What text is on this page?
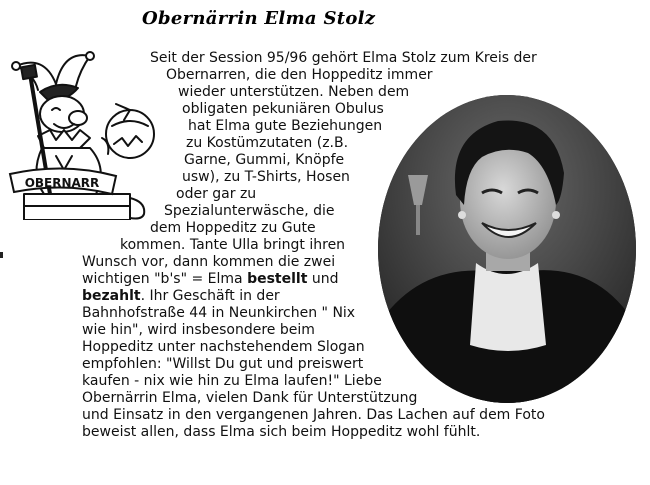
Obernärrin Elma Stolz
OBERNARR
Seit der Session 95/96 gehört Elma Stolz zum Kreis der
Obernarren, die den Hoppeditz immer
wieder unterstützen. Neben dem
obligaten pekuniären Obulus
hat Elma gute Beziehungen
zu Kostümzutaten (z.B.
Garne, Gummi, Knöpfe
usw), zu T-Shirts, Hosen
oder gar zu
Spezialunterwäsche, die
dem Hoppeditz zu Gute
kommen. Tante Ulla bringt ihren
Wunsch vor, dann kommen die zwei
wichtigen "b's" = Elma bestellt und
bezahlt. Ihr Geschäft in der
Bahnhofstraße 44 in Neunkirchen " Nix
wie hin", wird insbesondere beim
Hoppeditz unter nachstehendem Slogan
empfohlen: "Willst Du gut und preiswert
kaufen - nix wie hin zu Elma laufen!" Liebe
Obernärrin Elma, vielen Dank für Unterstützung
und Einsatz in den vergangenen Jahren. Das Lachen auf dem Foto
beweist allen, dass Elma sich beim Hoppeditz wohl fühlt.
